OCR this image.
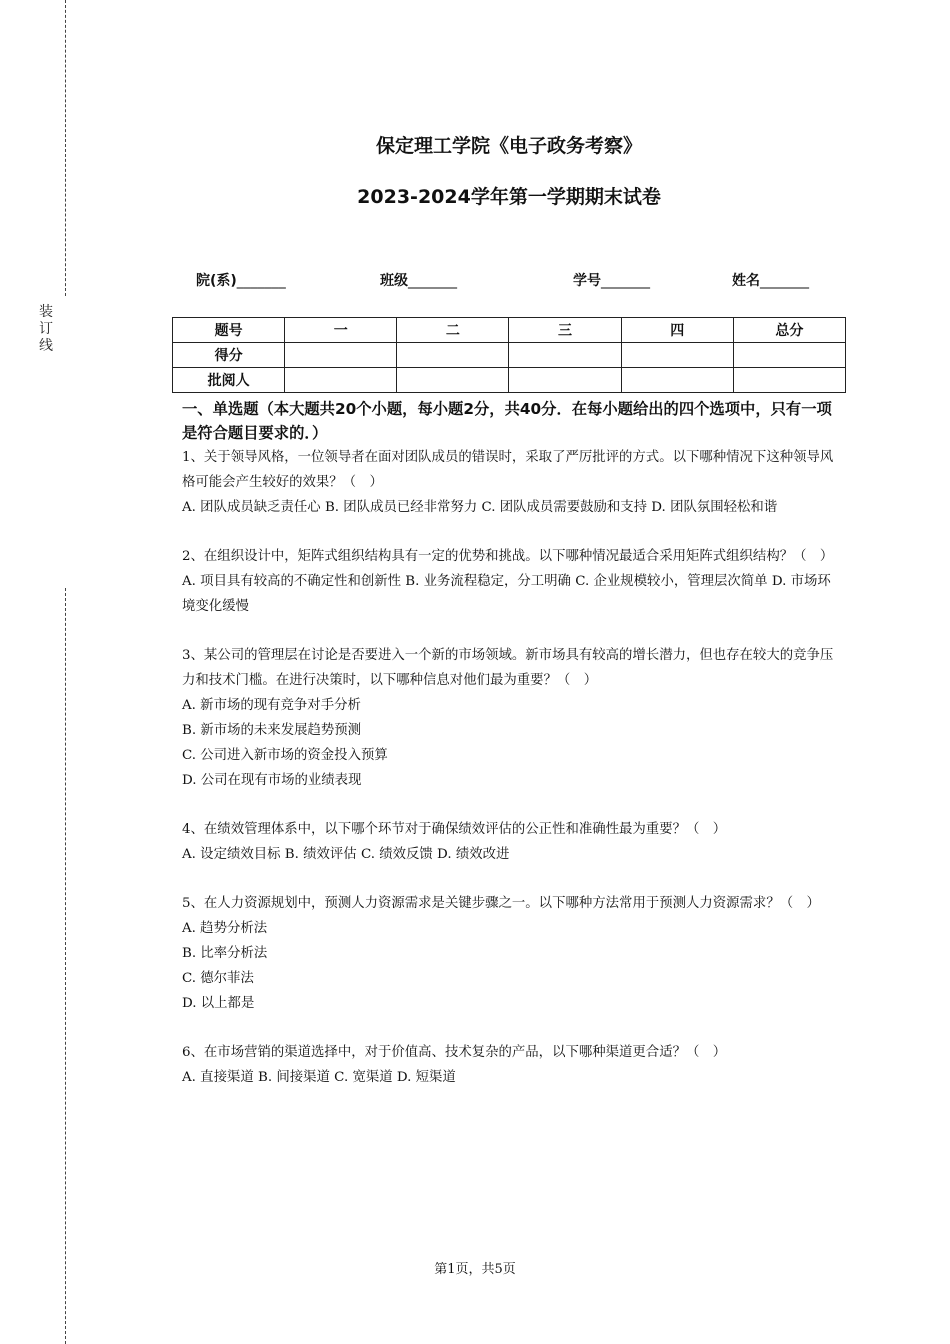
装订线
保定理工学院《电子政务考察》
2023-2024学年第一学期期末试卷
院(系)_______	班级_______	学号_______	姓名_______
题号	一	二	三	四	总分
得分					
批阅人					
一、单选题（本大题共20个小题，每小题2分，共40分．在每小题给出的四个选项中，只有一项是符合题目要求的．）

1、关于领导风格，一位领导者在面对团队成员的错误时，采取了严厉批评的方式。以下哪种情况下这种领导风格可能会产生较好的效果？（　）

A. 团队成员缺乏责任心 B. 团队成员已经非常努力 C. 团队成员需要鼓励和支持 D. 团队氛围轻松和谐

2、在组织设计中，矩阵式组织结构具有一定的优势和挑战。以下哪种情况最适合采用矩阵式组织结构？（　）

A. 项目具有较高的不确定性和创新性 B. 业务流程稳定，分工明确 C. 企业规模较小，管理层次简单 D. 市场环境变化缓慢

3、某公司的管理层在讨论是否要进入一个新的市场领域。新市场具有较高的增长潜力，但也存在较大的竞争压力和技术门槛。在进行决策时，以下哪种信息对他们最为重要？（　）

A. 新市场的现有竞争对手分析

B. 新市场的未来发展趋势预测

C. 公司进入新市场的资金投入预算

D. 公司在现有市场的业绩表现

4、在绩效管理体系中，以下哪个环节对于确保绩效评估的公正性和准确性最为重要？（　）

A. 设定绩效目标 B. 绩效评估 C. 绩效反馈 D. 绩效改进

5、在人力资源规划中，预测人力资源需求是关键步骤之一。以下哪种方法常用于预测人力资源需求？（　）

A. 趋势分析法

B. 比率分析法

C. 德尔菲法

D. 以上都是

6、在市场营销的渠道选择中，对于价值高、技术复杂的产品，以下哪种渠道更合适？（　）

A. 直接渠道 B. 间接渠道 C. 宽渠道 D. 短渠道

第1页，共5页
